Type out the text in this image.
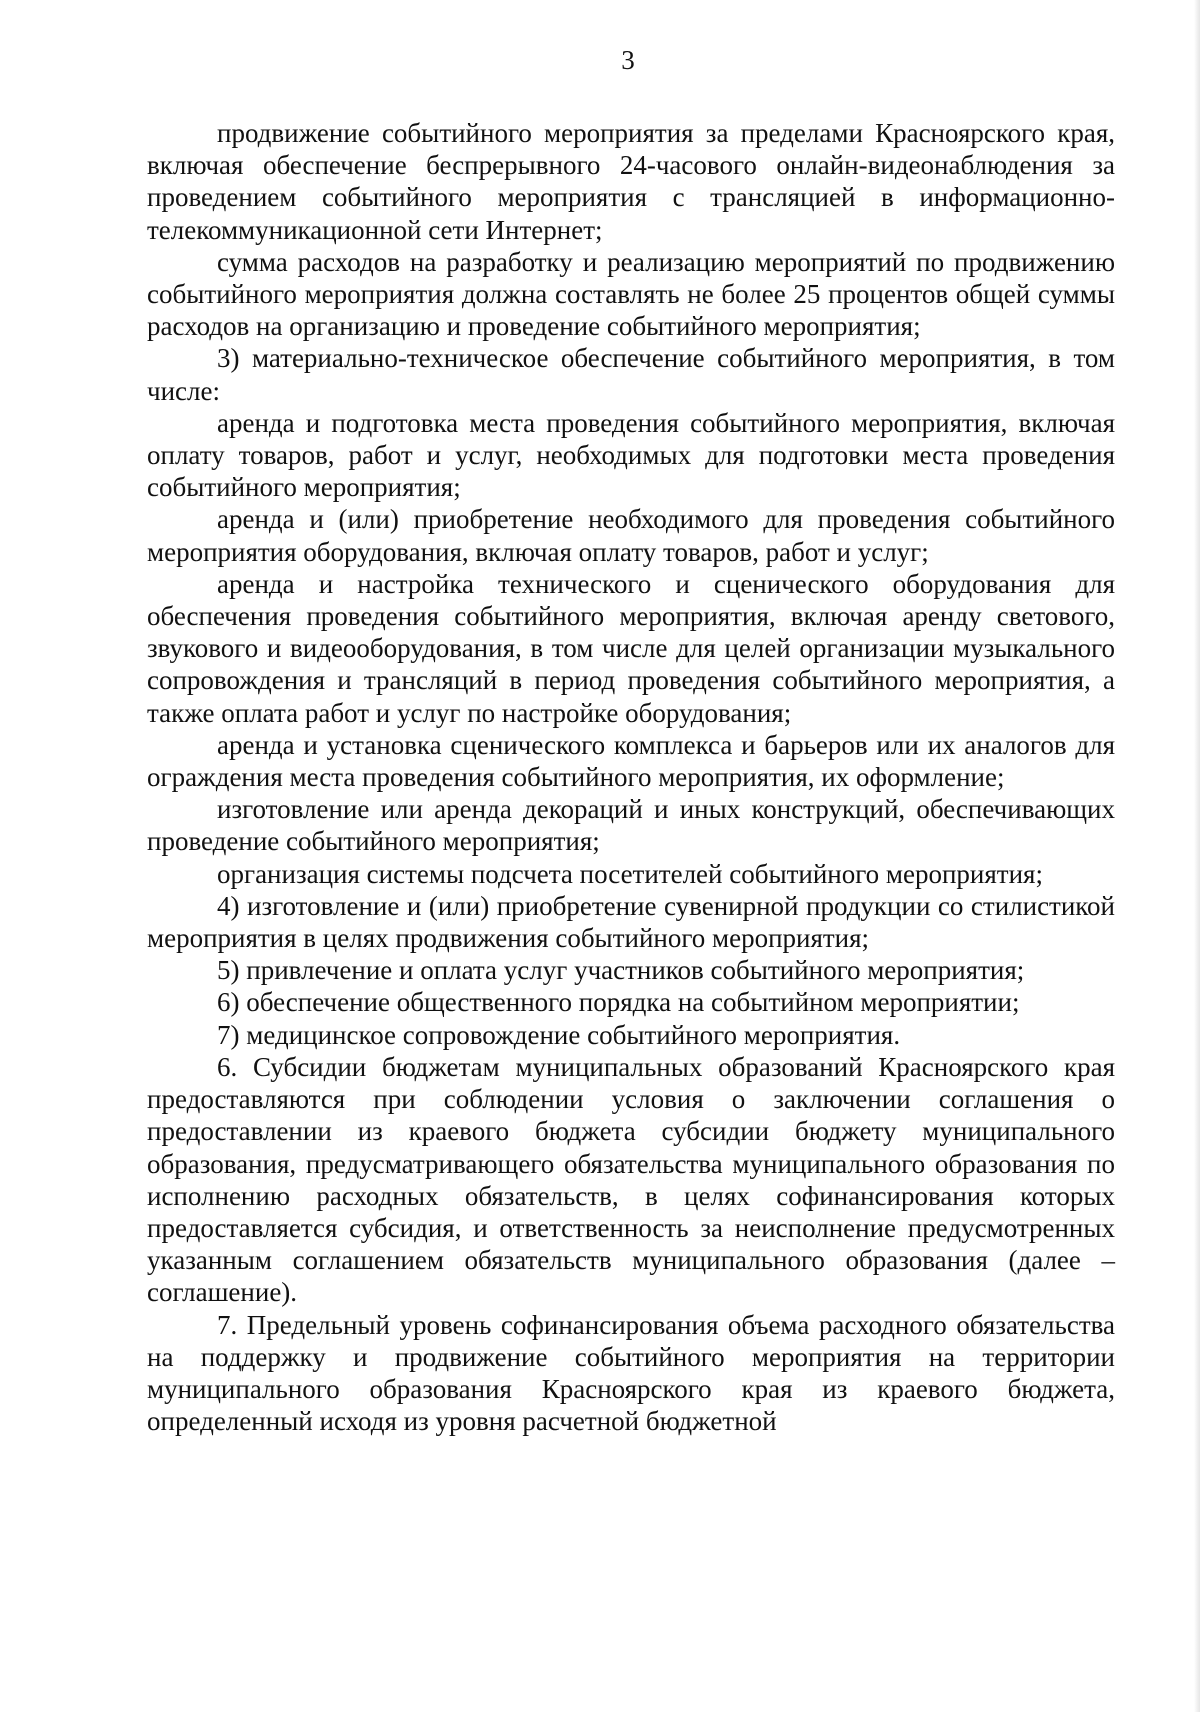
3

продвижение событийного мероприятия за пределами Красноярского края, включая обеспечение беспрерывного 24-часового онлайн-видеонаблюдения за проведением событийного мероприятия с трансляцией в информационно-телекоммуникационной сети Интернет;

сумма расходов на разработку и реализацию мероприятий по продвижению событийного мероприятия должна составлять не более 25 процентов общей суммы расходов на организацию и проведение событийного мероприятия;

3) материально-техническое обеспечение событийного мероприятия, в том числе:

аренда и подготовка места проведения событийного мероприятия, включая оплату товаров, работ и услуг, необходимых для подготовки места проведения событийного мероприятия;

аренда и (или) приобретение необходимого для проведения событийного мероприятия оборудования, включая оплату товаров, работ и услуг;

аренда и настройка технического и сценического оборудования для обеспечения проведения событийного мероприятия, включая аренду светового, звукового и видеооборудования, в том числе для целей организации музыкального сопровождения и трансляций в период проведения событийного мероприятия, а также оплата работ и услуг по настройке оборудования;

аренда и установка сценического комплекса и барьеров или их аналогов для ограждения места проведения событийного мероприятия, их оформление;

изготовление или аренда декораций и иных конструкций, обеспечивающих проведение событийного мероприятия;

организация системы подсчета посетителей событийного мероприятия;

4) изготовление и (или) приобретение сувенирной продукции со стилистикой мероприятия в целях продвижения событийного мероприятия;

5) привлечение и оплата услуг участников событийного мероприятия;

6) обеспечение общественного порядка на событийном мероприятии;

7) медицинское сопровождение событийного мероприятия.

6. Субсидии бюджетам муниципальных образований Красноярского края предоставляются при соблюдении условия о заключении соглашения о предоставлении из краевого бюджета субсидии бюджету муниципального образования, предусматривающего обязательства муниципального образования по исполнению расходных обязательств, в целях софинансирования которых предоставляется субсидия, и ответственность за неисполнение предусмотренных указанным соглашением обязательств муниципального образования (далее – соглашение).

7. Предельный уровень софинансирования объема расходного обязательства на поддержку и продвижение событийного мероприятия на территории муниципального образования Красноярского края из краевого бюджета, определенный исходя из уровня расчетной бюджетной
